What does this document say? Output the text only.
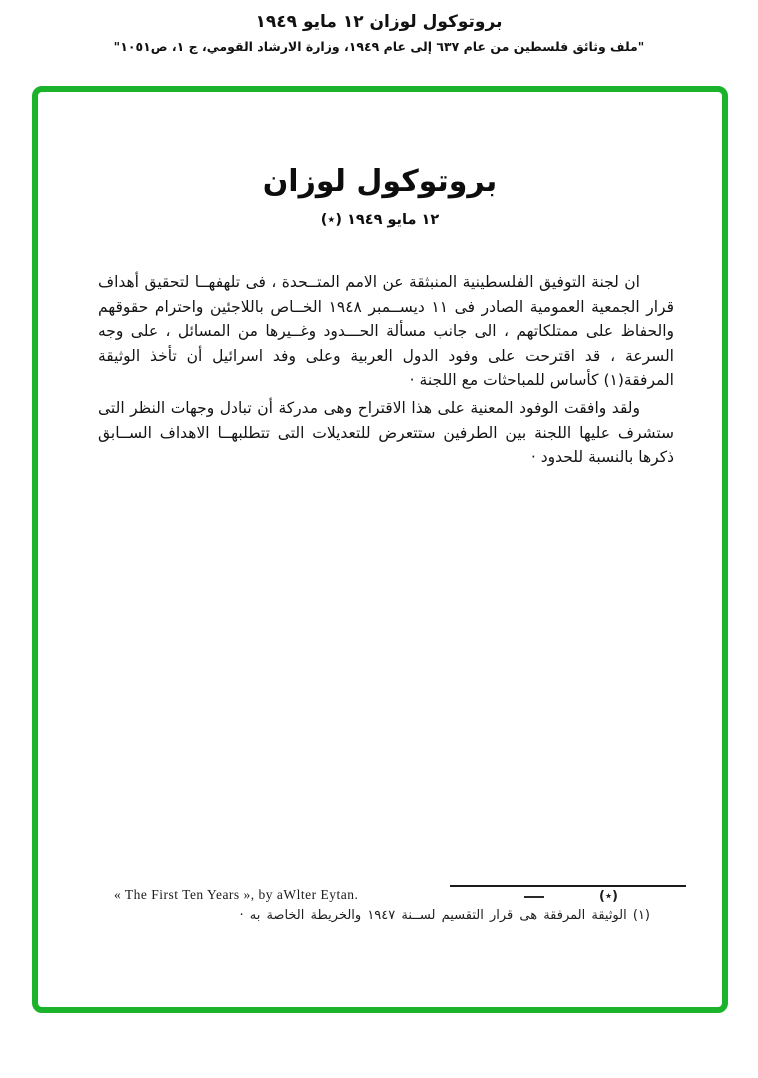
بروتوكول لوزان ١٢ مايو ١٩٤٩
"ملف وثائق فلسطين من عام ٦٣٧ إلى عام ١٩٤٩، وزارة الارشاد القومي، ج ١، ص١٠٥١"
بروتوكول لوزان
١٢ مايو ١٩٤٩ (٭)

ان لجنة التوفيق الفلسطينية المنبثقة عن الامم المتــحدة ، فى تلهفهــا لتحقيق أهداف قرار الجمعية العمومية الصادر فى ١١ ديســمبر ١٩٤٨ الخــاص باللاجئين واحترام حقوقهم والحفاظ على ممتلكاتهم ، الى جانب مسألة الحـــدود وغــيرها من المسائل ، على وجه السرعة ، قد اقترحت على وفود الدول العربية وعلى وفد اسرائيل أن تأخذ الوثيقة المرفقة(١) كأساس للمباحثات مع اللجنة ·

ولقد وافقت الوفود المعنية على هذا الاقتراح وهى مدركة أن تبادل وجهات النظر التى ستشرف عليها اللجنة بين الطرفين ستتعرض للتعديلات التى تتطلبهــا الاهداف الســابق ذكرها بالنسبة للحدود ·

(٭)
« The First Ten Years », by aWlter Eytan.
(١) الوثيقة المرفقة هى قرار التقسيم لســنة ١٩٤٧ والخريطة الخاصة به ·
